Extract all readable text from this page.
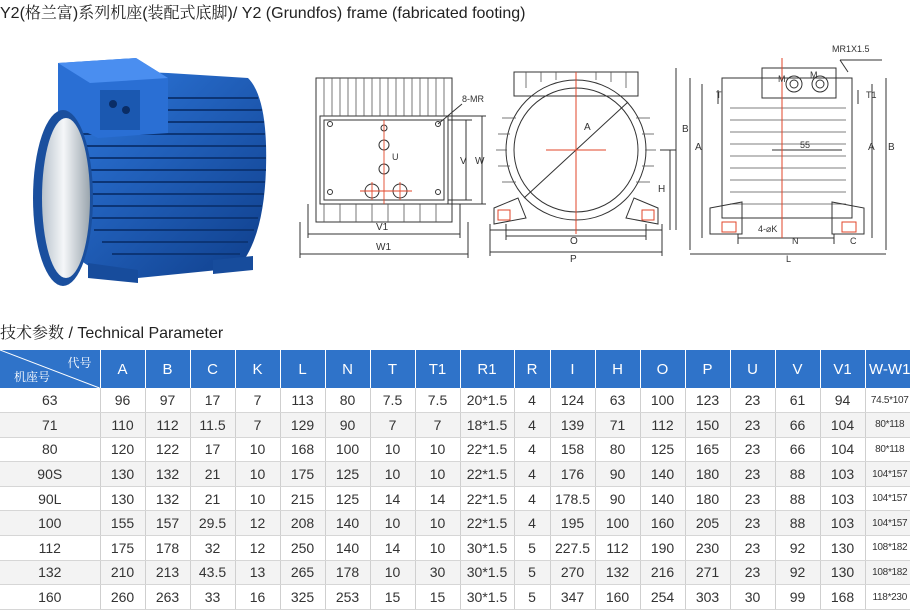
Y2(格兰富)系列机座(装配式底脚)/ Y2 (Grundfos) frame (fabricated footing)
8-MR
V W
U
V1
W1
A
H
O
P
MR1X1.5
M	M
T	T1
B
A	A B
55
4-⌀K
N	C
L
技术参数 / Technical Parameter
代号
机座号	A	B	C	K	L	N	T	T1	R1	R	I	H	O	P	U	V	V1	W-W1
63	96	97	17	7	113	80	7.5	7.5	20*1.5	4	124	63	100	123	23	61	94	74.5*107
71	110	112	11.5	7	129	90	7	7	18*1.5	4	139	71	112	150	23	66	104	80*118
80	120	122	17	10	168	100	10	10	22*1.5	4	158	80	125	165	23	66	104	80*118
90S	130	132	21	10	175	125	10	10	22*1.5	4	176	90	140	180	23	88	103	104*157
90L	130	132	21	10	215	125	14	14	22*1.5	4	178.5	90	140	180	23	88	103	104*157
100	155	157	29.5	12	208	140	10	10	22*1.5	4	195	100	160	205	23	88	103	104*157
112	175	178	32	12	250	140	14	10	30*1.5	5	227.5	112	190	230	23	92	130	108*182
132	210	213	43.5	13	265	178	10	30	30*1.5	5	270	132	216	271	23	92	130	108*182
160	260	263	33	16	325	253	15	15	30*1.5	5	347	160	254	303	30	99	168	118*230
